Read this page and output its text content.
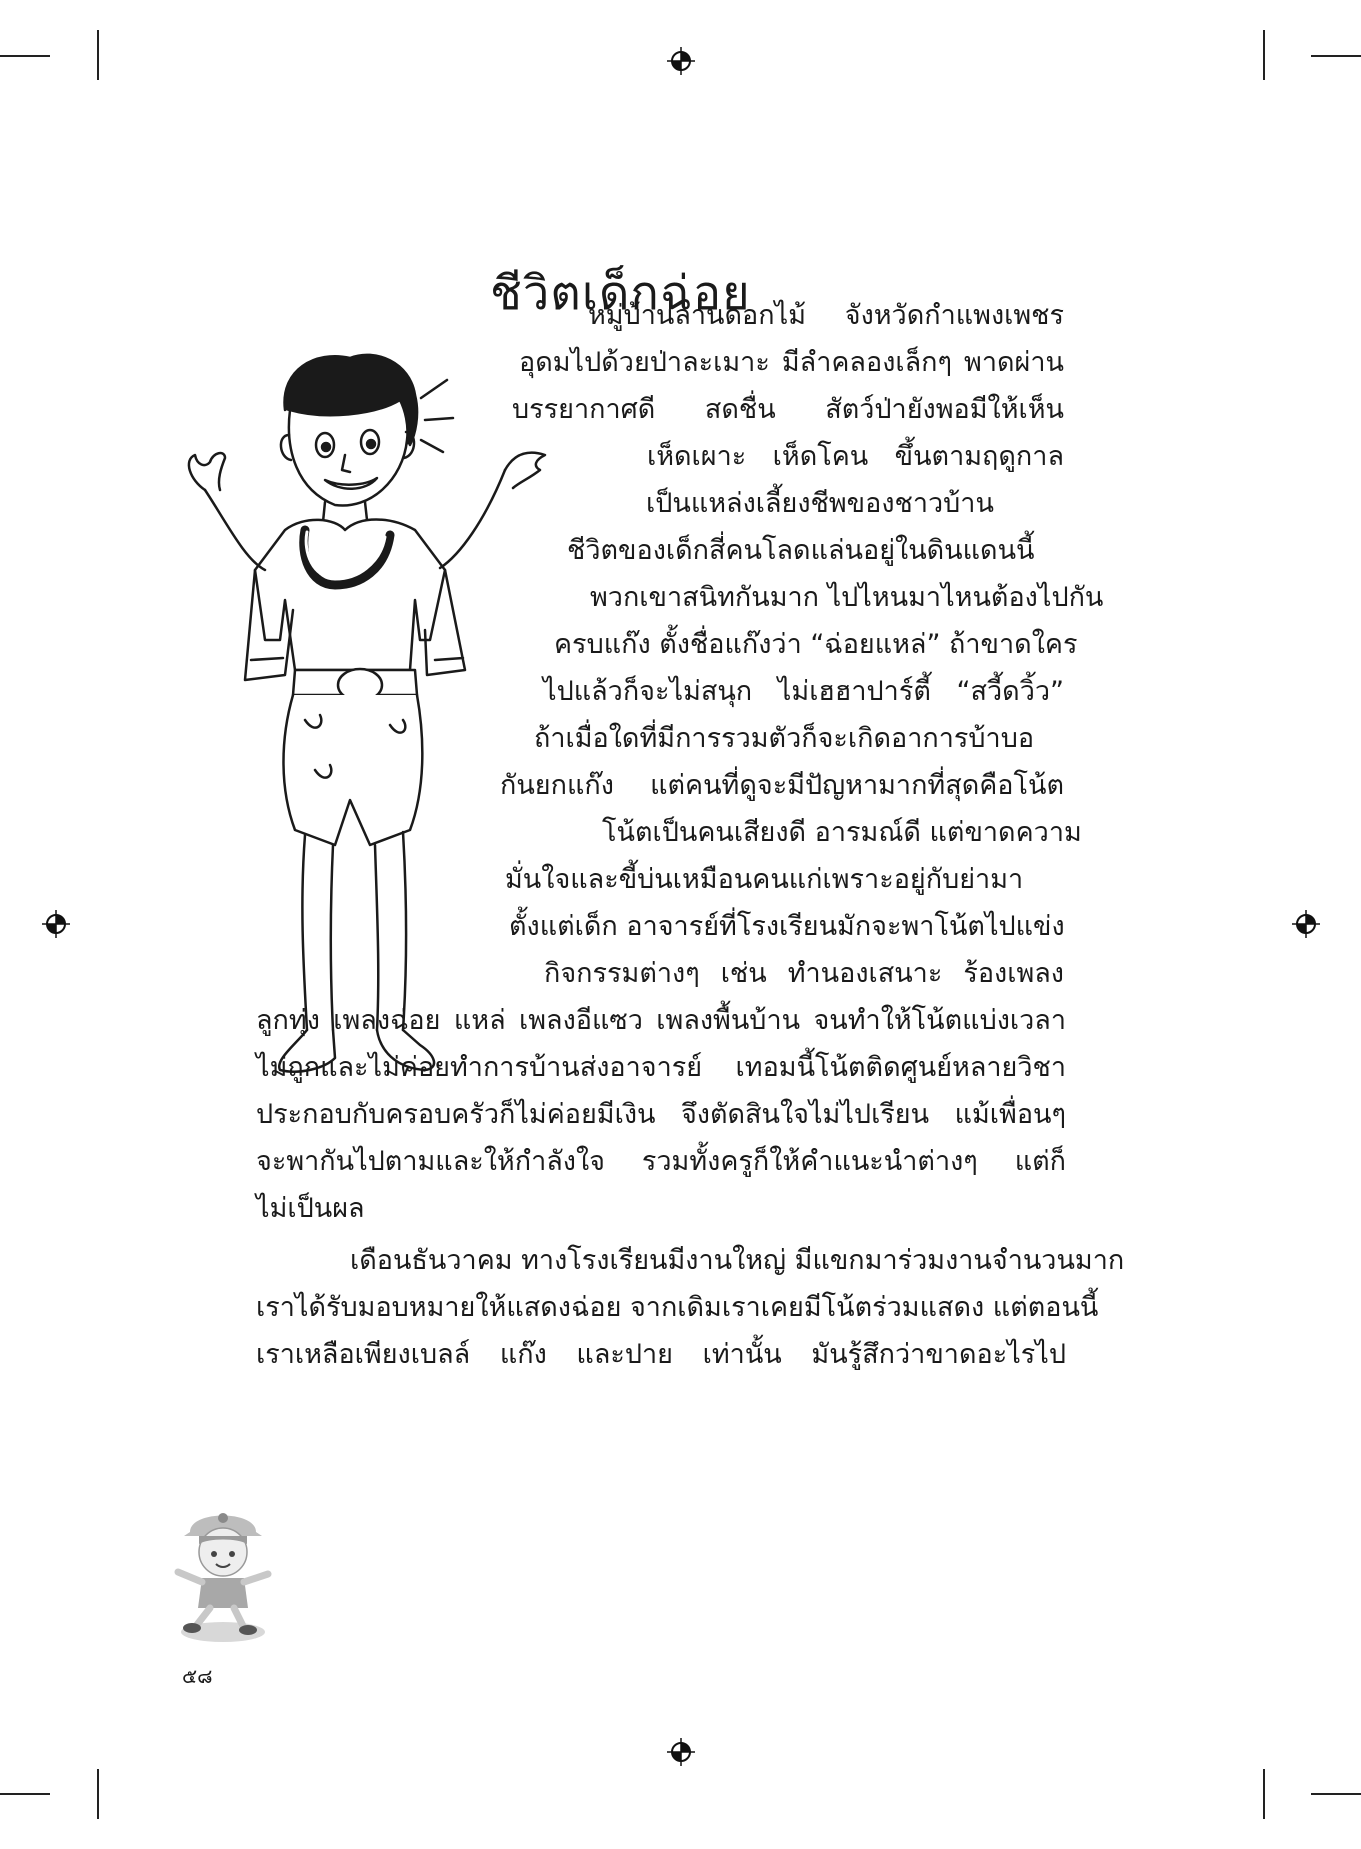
ชีวิตเด็กฉ่อย
หมู่บ้านลานดอกไม้ จังหวัดกำแพงเพชร
อุดมไปด้วยป่าละเมาะ มีลำคลองเล็กๆ พาดผ่าน
บรรยากาศดี สดชื่น สัตว์ป่ายังพอมีให้เห็น
เห็ดเผาะ เห็ดโคน ขึ้นตามฤดูกาล
เป็นแหล่งเลี้ยงชีพของชาวบ้าน
ชีวิตของเด็กสี่คนโลดแล่นอยู่ในดินแดนนี้
พวกเขาสนิทกันมาก ไปไหนมาไหนต้องไปกัน
ครบแก๊ง ตั้งชื่อแก๊งว่า “ฉ่อยแหล่” ถ้าขาดใคร
ไปแล้วก็จะไม่สนุก ไม่เฮฮาปาร์ตี้ “สวี้ดวิ้ว”
ถ้าเมื่อใดที่มีการรวมตัวก็จะเกิดอาการบ้าบอ
กันยกแก๊ง แต่คนที่ดูจะมีปัญหามากที่สุดคือโน้ต
โน้ตเป็นคนเสียงดี อารมณ์ดี แต่ขาดความ
มั่นใจและขี้บ่นเหมือนคนแก่เพราะอยู่กับย่ามา
ตั้งแต่เด็ก อาจารย์ที่โรงเรียนมักจะพาโน้ตไปแข่ง
กิจกรรมต่างๆ เช่น ทำนองเสนาะ ร้องเพลง
ลูกทุ่ง เพลงฉ่อย แหล่ เพลงอีแซว เพลงพื้นบ้าน จนทำให้โน้ตแบ่งเวลา
ไม่ถูกและไม่ค่อยทำการบ้านส่งอาจารย์ เทอมนี้โน้ตติดศูนย์หลายวิชา
ประกอบกับครอบครัวก็ไม่ค่อยมีเงิน จึงตัดสินใจไม่ไปเรียน แม้เพื่อนๆ
จะพากันไปตามและให้กำลังใจ รวมทั้งครูก็ให้คำแนะนำต่างๆ แต่ก็
ไม่เป็นผล
เดือนธันวาคม ทางโรงเรียนมีงานใหญ่ มีแขกมาร่วมงานจำนวนมาก
เราได้รับมอบหมายให้แสดงฉ่อย จากเดิมเราเคยมีโน้ตร่วมแสดง แต่ตอนนี้
เราเหลือเพียงเบลล์ แก๊ง และปาย เท่านั้น มันรู้สึกว่าขาดอะไรไป
๕๘
